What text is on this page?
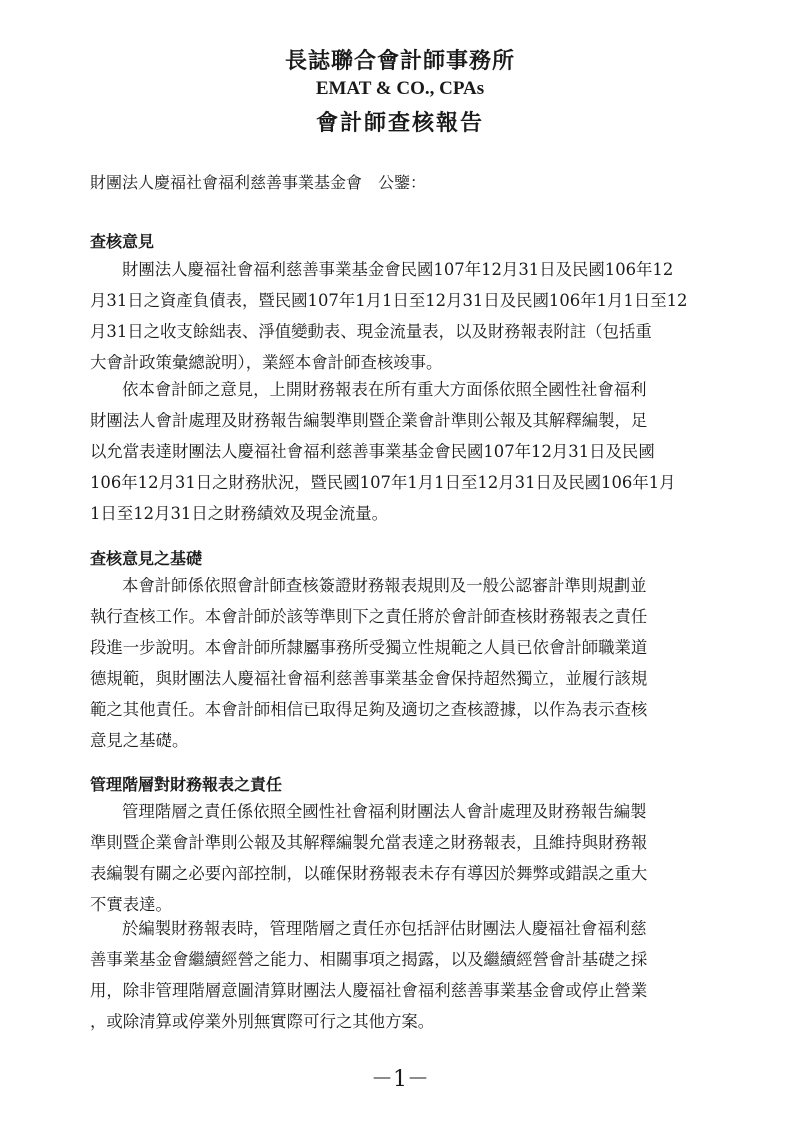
長誌聯合會計師事務所
EMAT & CO., CPAs
會計師查核報告
財團法人慶福社會福利慈善事業基金會　公鑒：
查核意見
財團法人慶福社會福利慈善事業基金會民國107年12月31日及民國106年12
月31日之資產負債表，暨民國107年1月1日至12月31日及民國106年1月1日至12
月31日之收支餘絀表、淨值變動表、現金流量表，以及財務報表附註（包括重
大會計政策彙總說明），業經本會計師查核竣事。
依本會計師之意見，上開財務報表在所有重大方面係依照全國性社會福利
財團法人會計處理及財務報告編製準則暨企業會計準則公報及其解釋編製，足
以允當表達財團法人慶福社會福利慈善事業基金會民國107年12月31日及民國
106年12月31日之財務狀況，暨民國107年1月1日至12月31日及民國106年1月
1日至12月31日之財務績效及現金流量。
查核意見之基礎
本會計師係依照會計師查核簽證財務報表規則及一般公認審計準則規劃並
執行查核工作。本會計師於該等準則下之責任將於會計師查核財務報表之責任
段進一步說明。本會計師所隸屬事務所受獨立性規範之人員已依會計師職業道
德規範，與財團法人慶福社會福利慈善事業基金會保持超然獨立，並履行該規
範之其他責任。本會計師相信已取得足夠及適切之查核證據，以作為表示查核
意見之基礎。
管理階層對財務報表之責任
管理階層之責任係依照全國性社會福利財團法人會計處理及財務報告編製
準則暨企業會計準則公報及其解釋編製允當表達之財務報表，且維持與財務報
表編製有關之必要內部控制，以確保財務報表未存有導因於舞弊或錯誤之重大
不實表達。
於編製財務報表時，管理階層之責任亦包括評估財團法人慶福社會福利慈
善事業基金會繼續經營之能力、相關事項之揭露，以及繼續經營會計基礎之採
用，除非管理階層意圖清算財團法人慶福社會福利慈善事業基金會或停止營業
，或除清算或停業外別無實際可行之其他方案。
－1－
